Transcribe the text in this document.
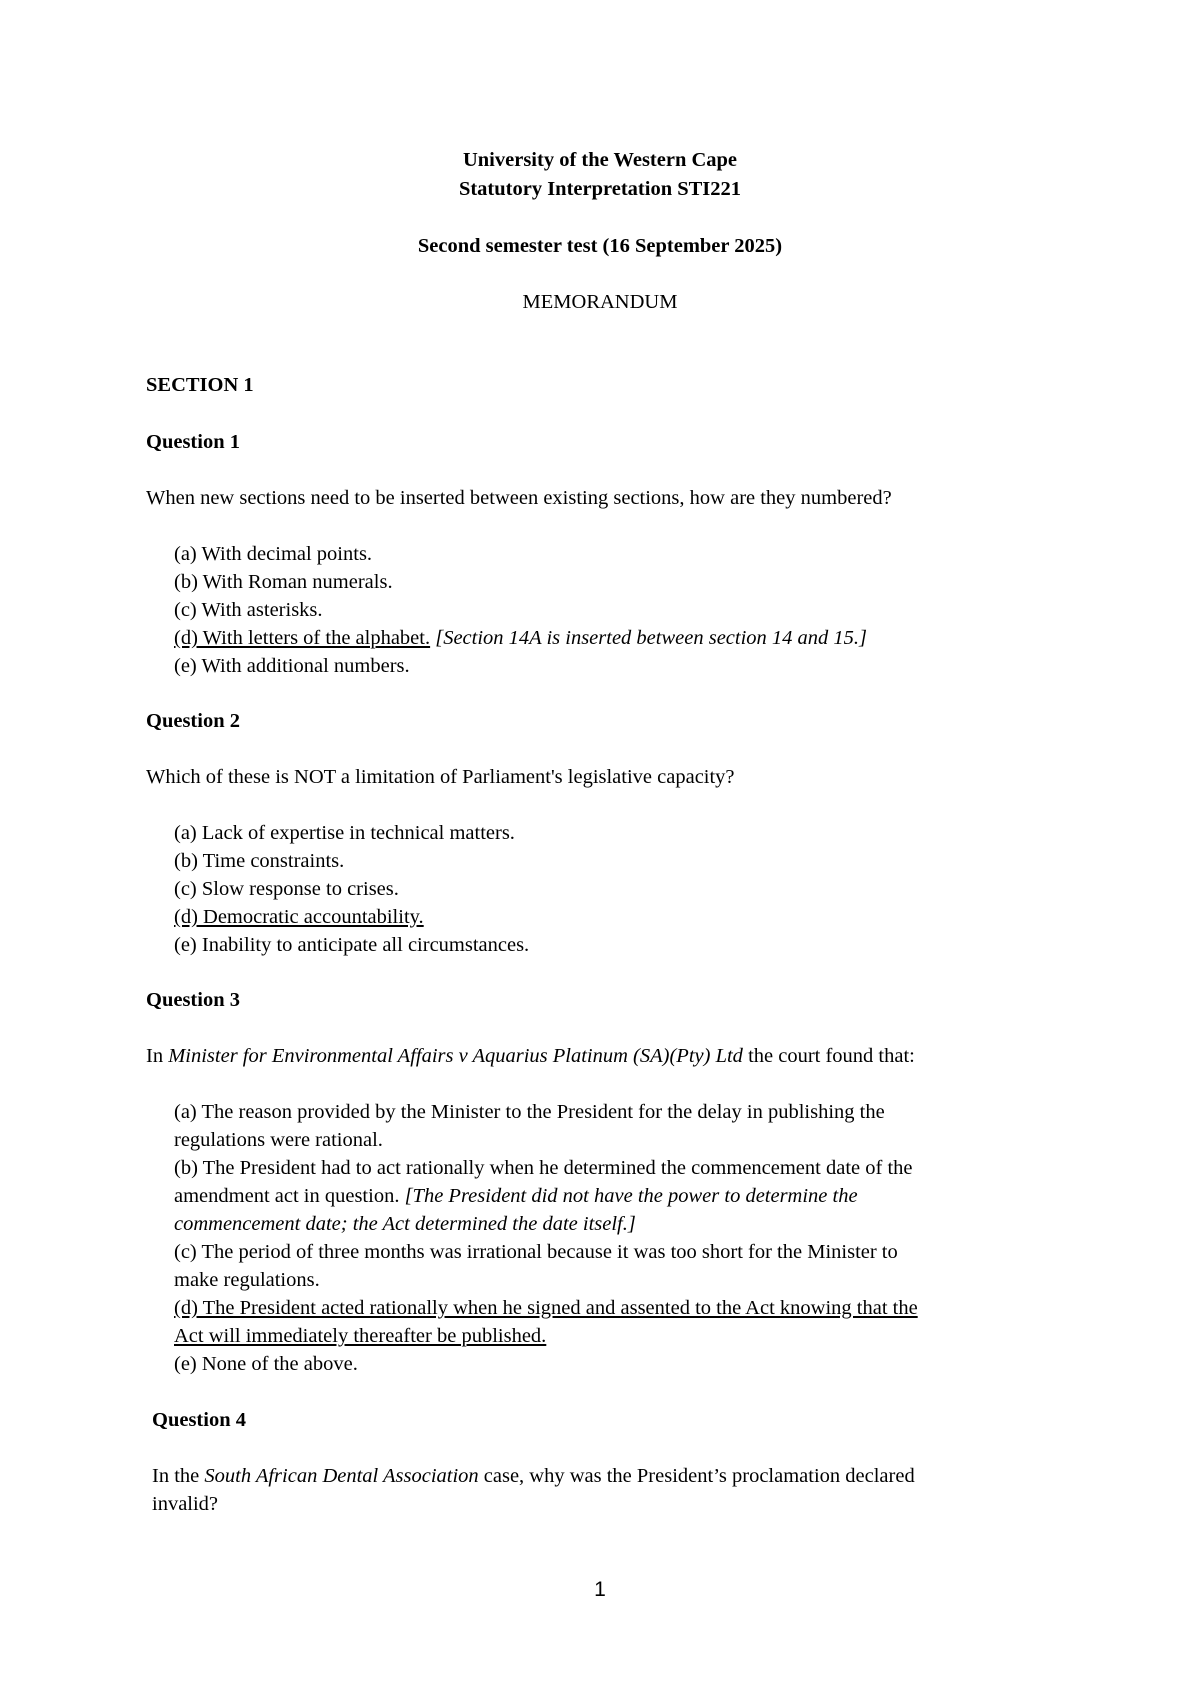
University of the Western Cape
Statutory Interpretation STI221
Second semester test (16 September 2025)
MEMORANDUM
SECTION 1
Question 1
When new sections need to be inserted between existing sections, how are they numbered?
(a) With decimal points.
(b) With Roman numerals.
(c) With asterisks.
(d) With letters of the alphabet. [Section 14A is inserted between section 14 and 15.]
(e) With additional numbers.
Question 2
Which of these is NOT a limitation of Parliament's legislative capacity?
(a) Lack of expertise in technical matters.
(b) Time constraints.
(c) Slow response to crises.
(d) Democratic accountability.
(e) Inability to anticipate all circumstances.
Question 3
In Minister for Environmental Affairs v Aquarius Platinum (SA)(Pty) Ltd the court found that:
(a) The reason provided by the Minister to the President for the delay in publishing the
regulations were rational.
(b) The President had to act rationally when he determined the commencement date of the
amendment act in question. [The President did not have the power to determine the
commencement date; the Act determined the date itself.]
(c) The period of three months was irrational because it was too short for the Minister to
make regulations.
(d) The President acted rationally when he signed and assented to the Act knowing that the
Act will immediately thereafter be published.
(e) None of the above.
Question 4
In the South African Dental Association case, why was the President’s proclamation declared
invalid?
1
